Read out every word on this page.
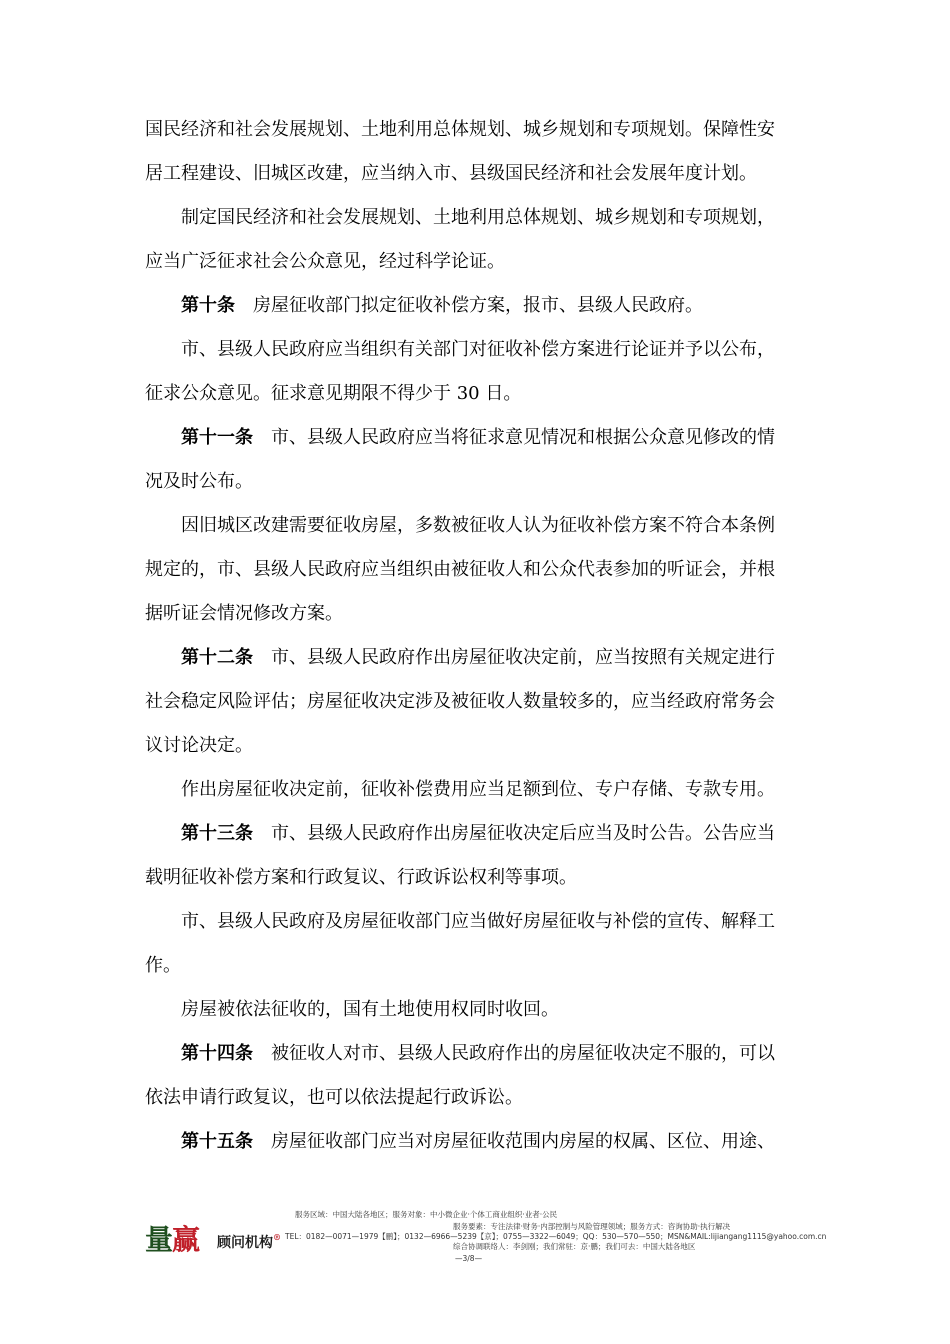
国民经济和社会发展规划、土地利用总体规划、城乡规划和专项规划。保障性安
居工程建设、旧城区改建，应当纳入市、县级国民经济和社会发展年度计划。
制定国民经济和社会发展规划、土地利用总体规划、城乡规划和专项规划，
应当广泛征求社会公众意见，经过科学论证。
第十条 房屋征收部门拟定征收补偿方案，报市、县级人民政府。
市、县级人民政府应当组织有关部门对征收补偿方案进行论证并予以公布，
征求公众意见。征求意见期限不得少于 30 日。
第十一条 市、县级人民政府应当将征求意见情况和根据公众意见修改的情
况及时公布。
因旧城区改建需要征收房屋，多数被征收人认为征收补偿方案不符合本条例
规定的，市、县级人民政府应当组织由被征收人和公众代表参加的听证会，并根
据听证会情况修改方案。
第十二条 市、县级人民政府作出房屋征收决定前，应当按照有关规定进行
社会稳定风险评估；房屋征收决定涉及被征收人数量较多的，应当经政府常务会
议讨论决定。
作出房屋征收决定前，征收补偿费用应当足额到位、专户存储、专款专用。
第十三条 市、县级人民政府作出房屋征收决定后应当及时公告。公告应当
载明征收补偿方案和行政复议、行政诉讼权利等事项。
市、县级人民政府及房屋征收部门应当做好房屋征收与补偿的宣传、解释工
作。
房屋被依法征收的，国有土地使用权同时收回。
第十四条 被征收人对市、县级人民政府作出的房屋征收决定不服的，可以
依法申请行政复议，也可以依法提起行政诉讼。
第十五条 房屋征收部门应当对房屋征收范围内房屋的权属、区位、用途、
量赢 顾问机构®
服务区域：中国大陆各地区；服务对象：中小微企业·个体工商业组织·业者·公民
服务要素：专注法律·财务·内部控制与风险管理领域；服务方式：咨询协助·执行解决
TEL：0182—0071—1979【鹏】；0132—6966—5239【京】；0755—3322—6049；QQ：530—570—550；MSN&MAIL:lijiangang1115@yahoo.com.cn
综合协调联络人：李剑刚；我们常驻：京·鹏；我们可去：中国大陆各地区
—3/8—
